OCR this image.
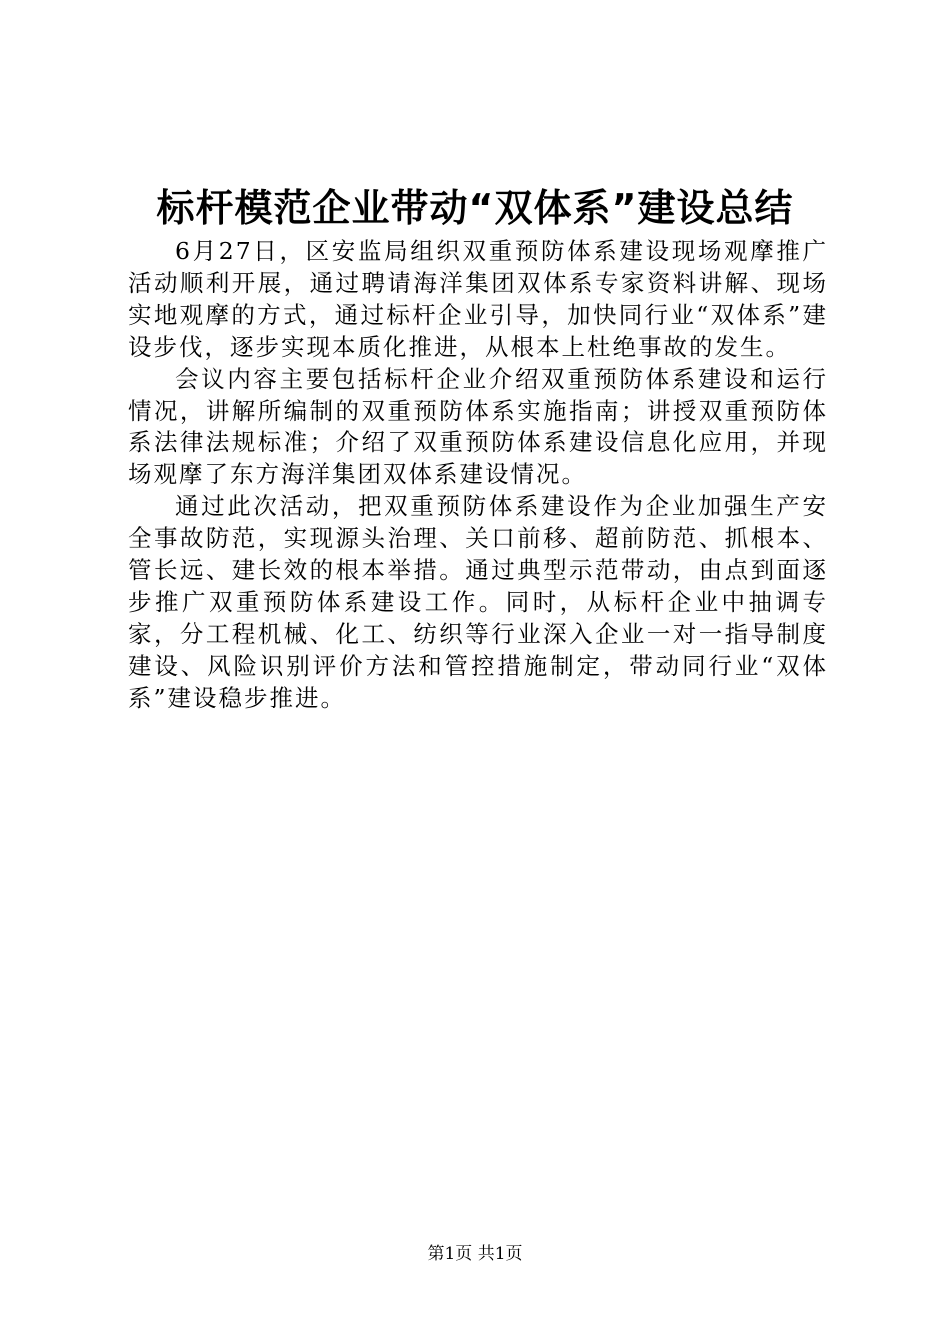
标杆模范企业带动“双体系”建设总结

6月27日，区安监局组织双重预防体系建设现场观摩推广活动顺利开展，通过聘请海洋集团双体系专家资料讲解、现场实地观摩的方式，通过标杆企业引导，加快同行业“双体系”建设步伐，逐步实现本质化推进，从根本上杜绝事故的发生。

会议内容主要包括标杆企业介绍双重预防体系建设和运行情况，讲解所编制的双重预防体系实施指南；讲授双重预防体系法律法规标准；介绍了双重预防体系建设信息化应用，并现场观摩了东方海洋集团双体系建设情况。

通过此次活动，把双重预防体系建设作为企业加强生产安全事故防范，实现源头治理、关口前移、超前防范、抓根本、管长远、建长效的根本举措。通过典型示范带动，由点到面逐步推广双重预防体系建设工作。同时，从标杆企业中抽调专家，分工程机械、化工、纺织等行业深入企业一对一指导制度建设、风险识别评价方法和管控措施制定，带动同行业“双体系”建设稳步推进。

第1页 共1页
